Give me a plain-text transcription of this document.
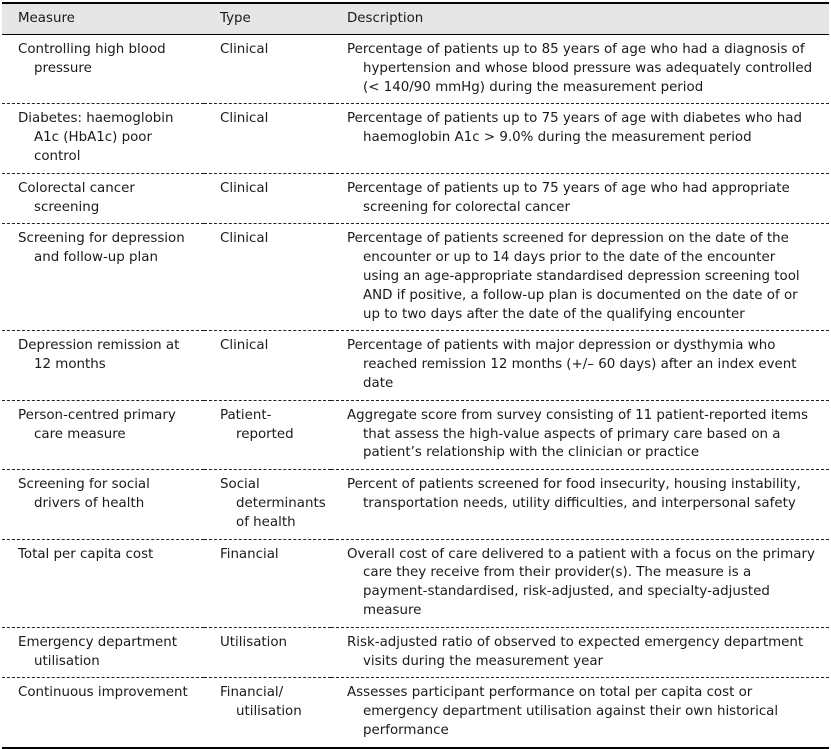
Measure	Type	Description

Controlling high blood pressure	Clinical	Percentage of patients up to 85 years of age who had a diagnosis of hypertension and whose blood pressure was adequately controlled (< 140/90 mmHg) during the measurement period

Diabetes: haemoglobin A1c (HbA1c) poor control	Clinical	Percentage of patients up to 75 years of age with diabetes who had haemoglobin A1c > 9.0% during the measurement period

Colorectal cancer screening	Clinical	Percentage of patients up to 75 years of age who had appropriate screening for colorectal cancer

Screening for depression and follow-up plan	Clinical	Percentage of patients screened for depression on the date of the encounter or up to 14 days prior to the date of the encounter using an age-appropriate standardised depression screening tool AND if positive, a follow-up plan is documented on the date of or up to two days after the date of the qualifying encounter

Depression remission at 12 months	Clinical	Percentage of patients with major depression or dysthymia who reached remission 12 months (+/– 60 days) after an index event date

Person-centred primary care measure	Patient-reported	Aggregate score from survey consisting of 11 patient-reported items that assess the high-value aspects of primary care based on a patient’s relationship with the clinician or practice

Screening for social drivers of health	Social determinants of health	Percent of patients screened for food insecurity, housing instability, transportation needs, utility difficulties, and interpersonal safety

Total per capita cost	Financial	Overall cost of care delivered to a patient with a focus on the primary care they receive from their provider(s). The measure is a payment-standardised, risk-adjusted, and specialty-adjusted measure

Emergency department utilisation	Utilisation	Risk-adjusted ratio of observed to expected emergency department visits during the measurement year

Continuous improvement	Financial/ utilisation	Assesses participant performance on total per capita cost or emergency department utilisation against their own historical performance
